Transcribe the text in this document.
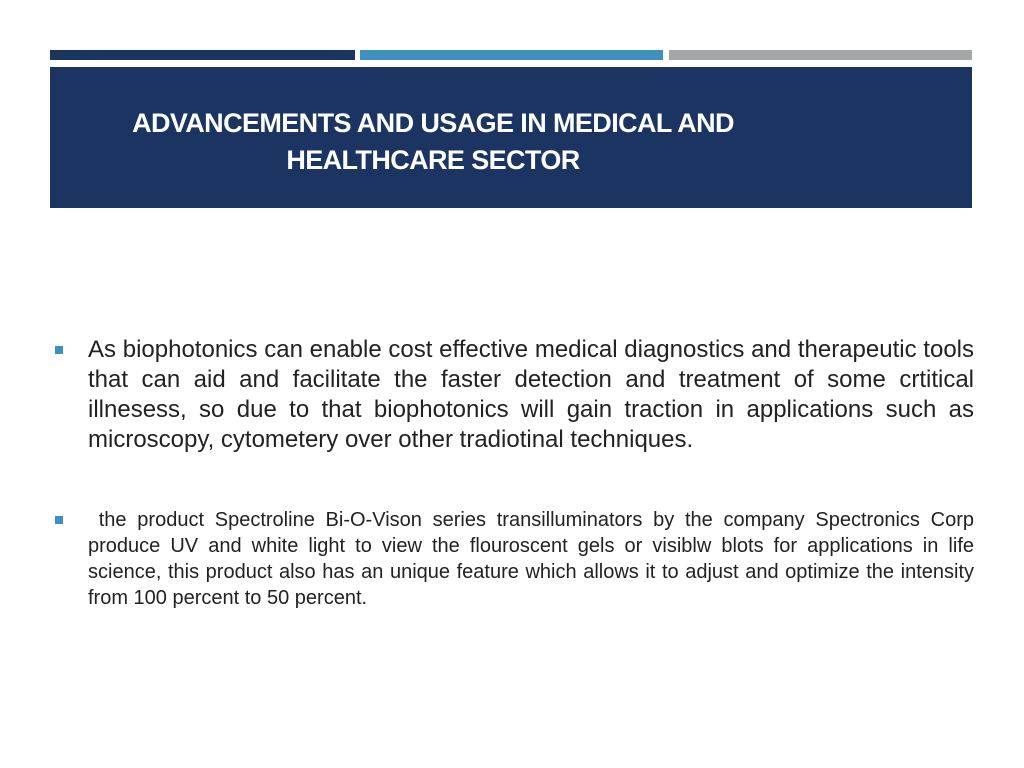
ADVANCEMENTS AND USAGE IN MEDICAL AND HEALTHCARE SECTOR
As biophotonics can enable cost effective medical diagnostics and therapeutic tools that can aid and facilitate the faster detection and treatment of some crtitical illnesess, so due to that biophotonics will gain traction in applications such as microscopy, cytometery over other tradiotinal techniques.
the product Spectroline Bi-O-Vison series transilluminators by the company Spectronics Corp produce UV and white light to view the flouroscent gels or visiblw blots for applications in life science, this product also has an unique feature which allows it to adjust and optimize the intensity from 100 percent to 50 percent.
